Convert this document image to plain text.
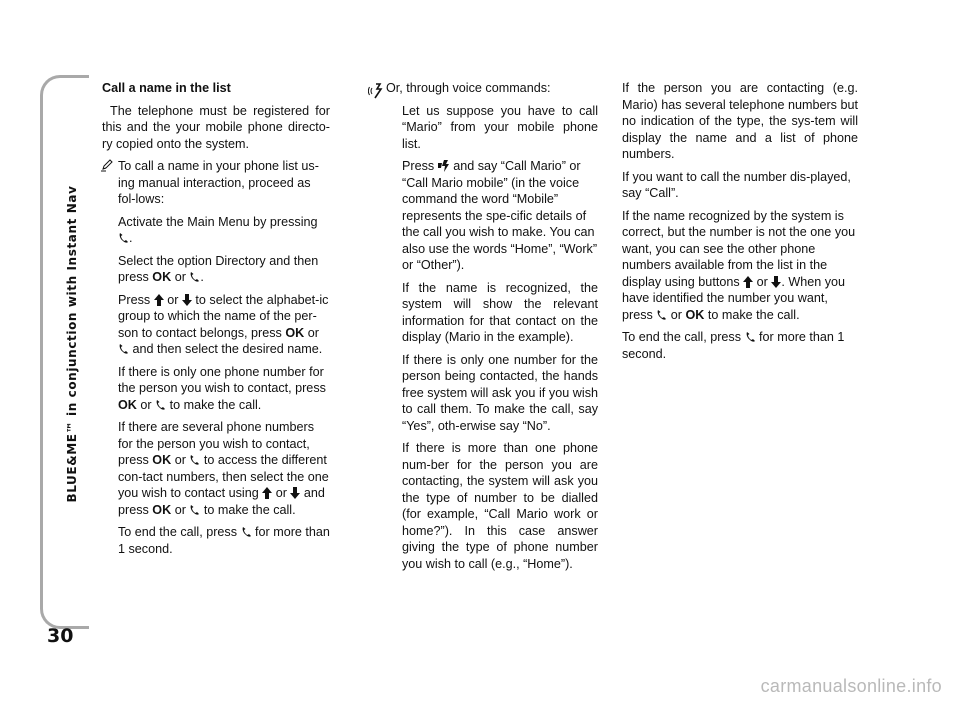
BLUE&ME™ in conjunction with Instant Nav
30

Call a name in the list

The telephone must be registered for this and the your mobile phone directo-ry copied onto the system.

To call a name in your phone list us-ing manual interaction, proceed as fol-lows:

Activate the Main Menu by pressing .

Select the option Directory and then press OK or .

Press or to select the alphabet-ic group to which the name of the per-son to contact belongs, press OK or  and then select the desired name.

If there is only one phone number for the person you wish to contact, press OK or to make the call.

If there are several phone numbers for the person you wish to contact, press OK or to access the different con-tact numbers, then select the one you wish to contact using or and press OK or to make the call.

To end the call, press for more than 1 second.

Or, through voice commands:

Let us suppose you have to call “Mario” from your mobile phone list.

Press and say “Call Mario” or “Call Mario mobile” (in the voice command the word “Mobile” represents the spe-cific details of the call you wish to make. You can also use the words “Home”, “Work” or “Other”).

If the name is recognized, the system will show the relevant information for that contact on the display (Mario in the example).

If there is only one number for the person being contacted, the hands free system will ask you if you wish to call them. To make the call, say “Yes”, oth-erwise say “No”.

If there is more than one phone num-ber for the person you are contacting, the system will ask you the type of number to be dialled (for example, “Call Mario work or home?”). In this case answer giving the type of phone number you wish to call (e.g., “Home”).

If the person you are contacting (e.g. Mario) has several telephone numbers but no indication of the type, the sys-tem will display the name and a list of phone numbers.

If you want to call the number dis-played, say “Call”.

If the name recognized by the system is correct, but the number is not the one you want, you can see the other phone numbers available from the list in the display using buttons or . When you have identified the number you want, press or OK to make the call.

To end the call, press for more than 1 second.

carmanualsonline.info
